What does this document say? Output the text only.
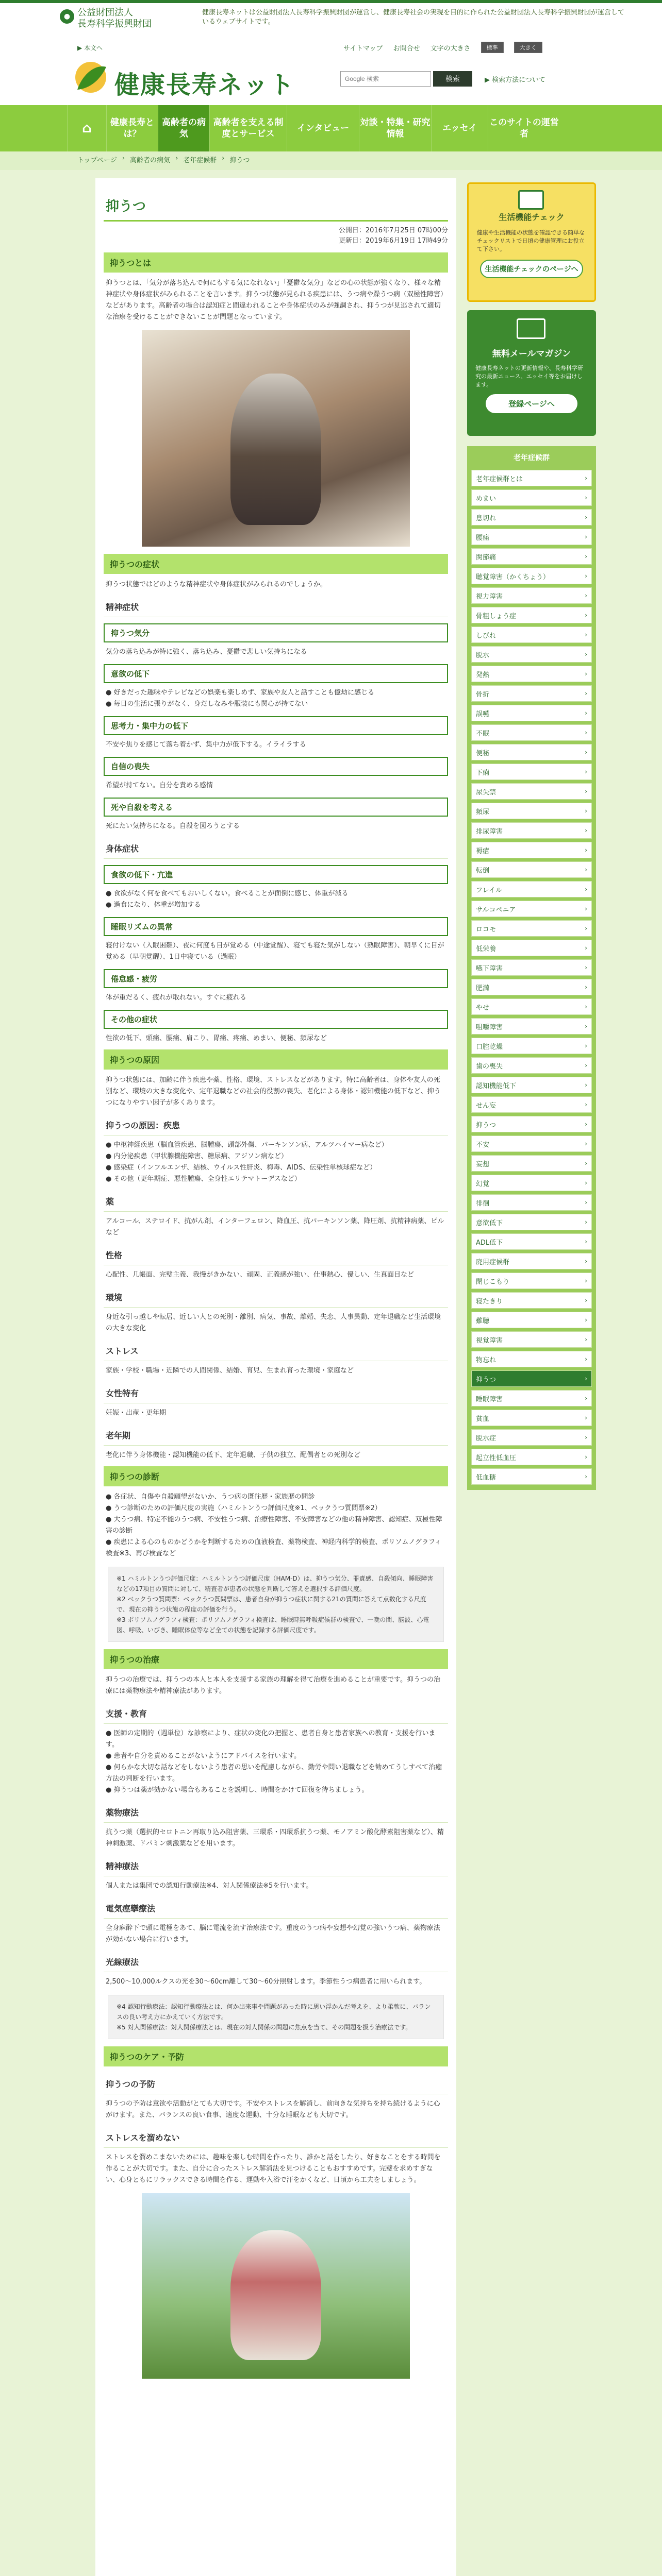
● 公益財団法人
長寿科学振興財団
健康長寿ネットは公益財団法人長寿科学振興財団が運営し、健康長寿社会の実現を目的に作られた公益財団法人長寿科学振興財団が運営しているウェブサイトです。
▶ 本文へ	サイトマップ お問合せ 文字の大きさ	標準	大きく
健康長寿ネット
Google 検索	検索	▶ 検索方法について
⌂	健康長寿とは？
高齢者の病気
高齢者を支える制度とサービス
インタビュー
対談・特集・研究情報
エッセイ
このサイトの運営者
トップページ › 高齢者の病気 › 老年症候群 › 抑うつ
抑うつ
公開日：2016年7月25日 07時00分
更新日：2019年6月19日 17時49分
抑うつとは

抑うつとは、「気分が落ち込んで何にもする気になれない」「憂鬱な気分」などの心の状態が強くなり、様々な精神症状や身体症状がみられることを言います。抑うつ状態が見られる疾患には、うつ病や躁うつ病（双極性障害）などがあります。高齢者の場合は認知症と間違われることや身体症状のみが強調され、抑うつが見逃されて適切な治療を受けることができないことが問題となっています。

抑うつの症状

抑うつ状態ではどのような精神症状や身体症状がみられるのでしょうか。

精神症状
抑うつ気分

気分の落ち込みが特に強く、落ち込み、憂鬱で悲しい気持ちになる

意欲の低下
● 好きだった趣味やテレビなどの娯楽も楽しめず、家族や友人と話すことも億劫に感じる
● 毎日の生活に張りがなく、身だしなみや服装にも関心が持てない
思考力・集中力の低下

不安や焦りを感じて落ち着かず、集中力が低下する。イライラする

自信の喪失

希望が持てない。自分を責める感情

死や自殺を考える

死にたい気持ちになる。自殺を図ろうとする

身体症状
食欲の低下・亢進
● 食欲がなく何を食べてもおいしくない。食べることが面倒に感じ、体重が減る
● 過食になり、体重が増加する
睡眠リズムの異常

寝付けない（入眠困難）、夜に何度も目が覚める（中途覚醒）、寝ても寝た気がしない（熟眠障害）、朝早くに目が覚める（早朝覚醒）、1日中寝ている（過眠）

倦怠感・疲労

体が重だるく、疲れが取れない。すぐに疲れる

その他の症状

性欲の低下、頭痛、腰痛、肩こり、胃痛、疼痛、めまい、便秘、頻尿など

抑うつの原因

抑うつ状態には、加齢に伴う疾患や薬、性格、環境、ストレスなどがあります。特に高齢者は、身体や友人の死別など、環境の大きな変化や、定年退職などの社会的役割の喪失、老化による身体・認知機能の低下など、抑うつになりやすい因子が多くあります。

抑うつの原因：疾患
● 中枢神経疾患（脳血管疾患、脳腫瘍、頭部外傷、パーキンソン病、アルツハイマー病など）
● 内分泌疾患（甲状腺機能障害、糖尿病、アジソン病など）
● 感染症（インフルエンザ、結核、ウイルス性肝炎、梅毒、AIDS、伝染性単核球症など）
● その他（更年期症、悪性腫瘍、全身性エリテマトーデスなど）
薬

アルコール、ステロイド、抗がん剤、インターフェロン、降血圧、抗パーキンソン薬、降圧剤、抗精神病薬、ピルなど

性格

心配性、几帳面、完璧主義、我慢がきかない、頑固、正義感が強い、仕事熱心、優しい、生真面目など

環境

身近な引っ越しや転居、近しい人との死別・離別、病気、事故、離婚、失恋、人事異動、定年退職など生活環境の大きな変化

ストレス

家族・学校・職場・近隣での人間関係、結婚、育児、生まれ育った環境・家庭など

女性特有

妊娠・出産・更年期

老年期

老化に伴う身体機能・認知機能の低下、定年退職、子供の独立、配偶者との死別など

抑うつの診断
● 各症状、自傷や自殺願望がないか、うつ病の既往歴・家族歴の問診
● うつ診断のための評価尺度の実施（ハミルトンうつ評価尺度※1、ベックうつ質問票※2）
● 大うつ病、特定不能のうつ病、不安性うつ病、治療性障害、不安障害などの他の精神障害、認知症、双極性障害の診断
● 疾患による心のものかどうかを判断するための血液検査、薬物検査、神経内科学的検査、ポリソムノグラフィ検査※3、再び検査など

※1 ハミルトンうつ評価尺度：ハミルトンうつ評価尺度（HAM-D）は、抑うつ気分、罪責感、自殺傾向、睡眠障害などの17項目の質問に対して、精査者が患者の状態を判断して答えを選択する評価尺度。

※2 ベックうつ質問票：ベックうつ質問票は、患者自身が抑うつ症状に関する21の質問に答えて点数化する尺度で、現在の抑うつ状態の程度の評価を行う。

※3 ポリソムノグラフィ検査：ポリソムノグラフィ検査は、睡眠時無呼吸症候群の検査で、一晩の間、脳波、心電図、呼吸、いびき、睡眠体位等など全ての状態を記録する評価尺度です。

抑うつの治療

抑うつの治療では、抑うつの本人と本人を支援する家族の理解を得て治療を進めることが重要です。抑うつの治療には薬物療法や精神療法があります。

支援・教育
● 医師の定期的（週単位）な診察により、症状の変化の把握と、患者自身と患者家族への教育・支援を行います。
● 患者や自分を責めることがないようにアドバイスを行います。
● 何らかな大切な話などをしないよう患者の思いを配慮しながら、勤労や問い退職などを勧めてうしすべて治癒方法の判断を行います。
● 抑うつは薬が効かない場合もあることを説明し、時間をかけて回復を待ちましょう。
薬物療法

抗うつ薬（選択的セロトニン再取り込み阻害薬、三環系・四環系抗うつ薬、モノアミン酸化酵素阻害薬など）、精神刺激薬、ドパミン刺激薬などを用います。

精神療法

個人または集団での認知行動療法※4、対人関係療法※5を行います。

電気痙攣療法

全身麻酔下で頭に電極をあて、脳に電流を流す治療法です。重度のうつ病や妄想や幻覚の強いうつ病、薬物療法が効かない場合に行います。

光線療法

2,500〜10,000ルクスの光を30〜60cm離して30〜60分照射します。季節性うつ病患者に用いられます。

※4 認知行動療法：認知行動療法とは、何か出来事や問題があった時に思い浮かんだ考えを、より柔軟に、バランスの良い考え方にかえていく方法です。

※5 対人関係療法：対人関係療法とは、現在の対人関係の問題に焦点を当て、その問題を扱う治療法です。

抑うつのケア・予防
抑うつの予防

抑うつの予防は意欲や活動がとても大切です。不安やストレスを解消し、前向きな気持ちを持ち続けるように心がけます。また、バランスの良い食事、適度な運動、十分な睡眠なども大切です。

ストレスを溜めない

ストレスを溜めこまないためには、趣味を楽しむ時間を作ったり、誰かと話をしたり、好きなことをする時間を作ることが大切です。また、自分に合ったストレス解消法を見つけることもおすすめです。完璧を求めすぎない、心身ともにリラックスできる時間を作る、運動や入浴で汗をかくなど、日頃から工夫をしましょう。

生活機能チェック
健康や生活機能の状態を確認できる簡単なチェックリストで日頃の健康管理にお役立て下さい。
生活機能チェックのページへ
無料メールマガジン
健康長寿ネットの更新情報や、長寿科学研究の最新ニュース、エッセイ等をお届けします。
登録ページへ
老年症候群
老年症候群とは	›
めまい	›
息切れ	›
腰痛	›
関節痛	›
聴覚障害（かくちょう）	›
視力障害	›
骨粗しょう症	›
しびれ	›
脱水	›
発熱	›
骨折	›
誤嚥	›
不眠	›
便秘	›
下痢	›
尿失禁	›
頻尿	›
排尿障害	›
褥瘡	›
転倒	›
フレイル	›
サルコペニア	›
ロコモ	›
低栄養	›
嚥下障害	›
肥満	›
やせ	›
咀嚼障害	›
口腔乾燥	›
歯の喪失	›
認知機能低下	›
せん妄	›
抑うつ	›
不安	›
妄想	›
幻覚	›
徘徊	›
意欲低下	›
ADL低下	›
廃用症候群	›
閉じこもり	›
寝たきり	›
難聴	›
視覚障害	›
物忘れ	›
抑うつ	›
睡眠障害	›
貧血	›
脱水症	›
起立性低血圧	›
低血糖	›
